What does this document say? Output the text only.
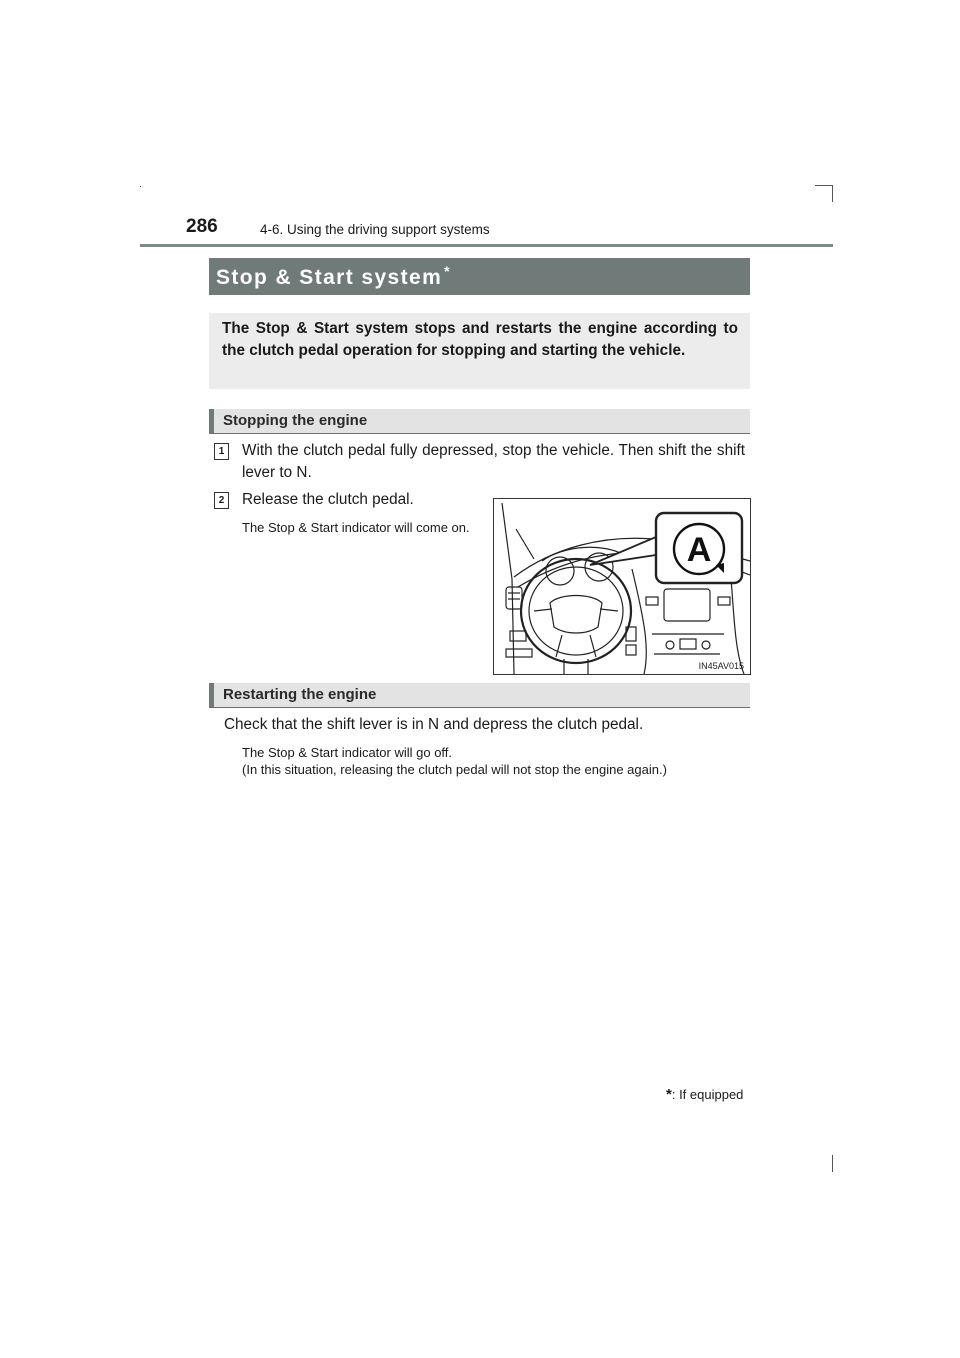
286	4-6. Using the driving support systems
Stop & Start system *
The Stop & Start system stops and restarts the engine according to the clutch pedal operation for stopping and starting the vehicle.
Stopping the engine
1	With the clutch pedal fully depressed, stop the vehicle. Then shift the shift lever to N.
2	Release the clutch pedal.
The Stop & Start indicator will come on.
A
IN45AV015
Restarting the engine
Check that the shift lever is in N and depress the clutch pedal.
The Stop & Start indicator will go off.
(In this situation, releasing the clutch pedal will not stop the engine again.)
*: If equipped
